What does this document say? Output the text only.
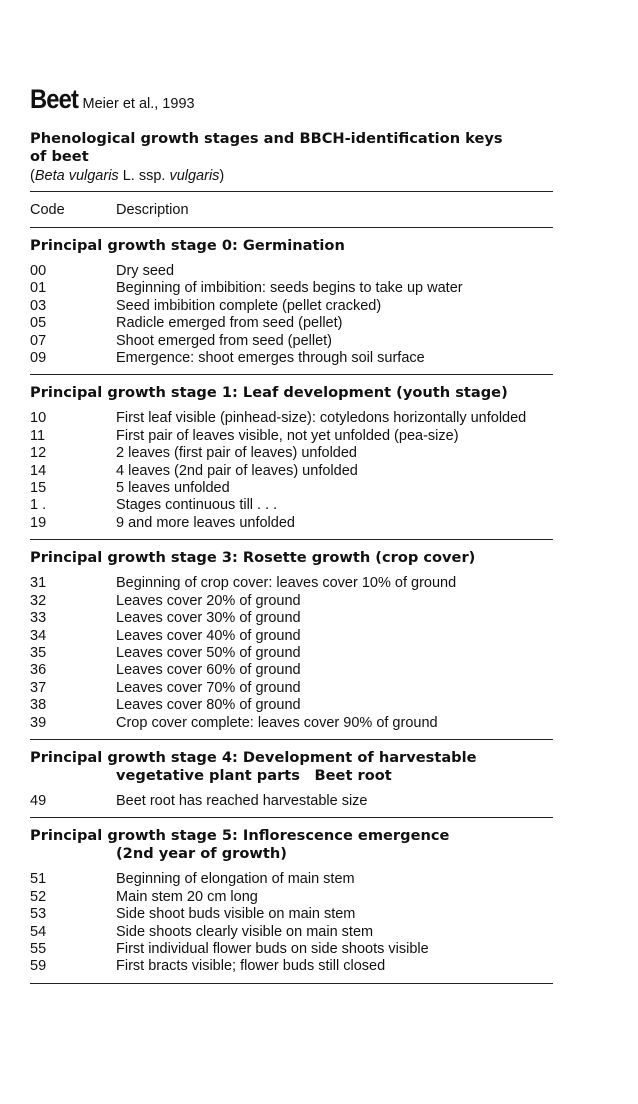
Beet Meier et al., 1993
Phenological growth stages and BBCH-identification keys
of beet
(Beta vulgaris L. ssp. vulgaris)
Code	Description
Principal growth stage 0: Germination
00	Dry seed
01	Beginning of imbibition: seeds begins to take up water
03	Seed imbibition complete (pellet cracked)
05	Radicle emerged from seed (pellet)
07	Shoot emerged from seed (pellet)
09	Emergence: shoot emerges through soil surface
Principal growth stage 1: Leaf development (youth stage)
10	First leaf visible (pinhead-size): cotyledons horizontally unfolded
11	First pair of leaves visible, not yet unfolded (pea-size)
12	2 leaves (first pair of leaves) unfolded
14	4 leaves (2nd pair of leaves) unfolded
15	5 leaves unfolded
1 .	Stages continuous till . . .
19	9 and more leaves unfolded
Principal growth stage 3: Rosette growth (crop cover)
31	Beginning of crop cover: leaves cover 10% of ground
32	Leaves cover 20% of ground
33	Leaves cover 30% of ground
34	Leaves cover 40% of ground
35	Leaves cover 50% of ground
36	Leaves cover 60% of ground
37	Leaves cover 70% of ground
38	Leaves cover 80% of ground
39	Crop cover complete: leaves cover 90% of ground
Principal growth stage 4: Development of harvestable
vegetative plant parts Beet root
49	Beet root has reached harvestable size
Principal growth stage 5: Inflorescence emergence
(2nd year of growth)
51	Beginning of elongation of main stem
52	Main stem 20 cm long
53	Side shoot buds visible on main stem
54	Side shoots clearly visible on main stem
55	First individual flower buds on side shoots visible
59	First bracts visible; flower buds still closed
